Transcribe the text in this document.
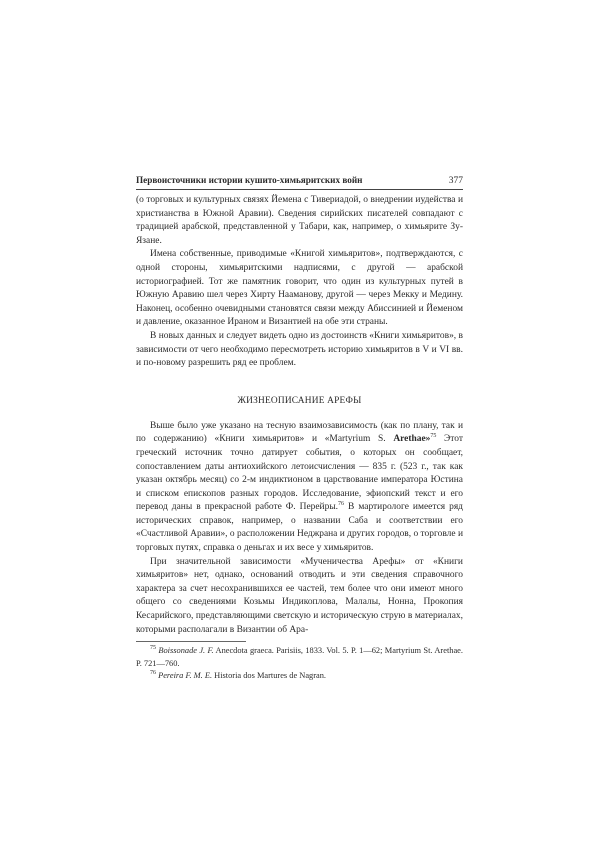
Первоисточники истории кушито-химьяритских войн	377

(о торговых и культурных связях Йемена с Тивериадой, о внедрении иудейства и христианства в Южной Аравии). Сведения сирийских писателей совпадают с традицией арабской, представленной у Табари, как, например, о химьярите Зу-Язане.

Имена собственные, приводимые «Книгой химьяритов», подтверждаются, с одной стороны, химьяритскими надписями, с другой — арабской историографией. Тот же памятник говорит, что один из культурных путей в Южную Аравию шел через Хирту Нааманову, другой — через Мекку и Медину. Наконец, особенно очевидными становятся связи между Абиссинией и Йеменом и давление, оказанное Ираном и Византией на обе эти страны.

В новых данных и следует видеть одно из достоинств «Книги химьяритов», в зависимости от чего необходимо пересмотреть историю химьяритов в V и VI вв. и по-новому разрешить ряд ее проблем.

ЖИЗНЕОПИСАНИЕ АРЕФЫ

Выше было уже указано на тесную взаимозависимость (как по плану, так и по содержанию) «Книги химьяритов» и «Martyrium S. Arethae»$^{75}$ Этот греческий источник точно датирует события, о которых он сообщает, сопоставлением даты антиохийского летоисчисления — 835 г. (523 г., так как указан октябрь месяц) со 2-м индиктионом в царствование императора Юстина и списком епископов разных городов. Исследование, эфиопский текст и его перевод даны в прекрасной работе Ф. Перейры.$^{76}$ В мартирологе имеется ряд исторических справок, например, о названии Саба и соответствии его «Счастливой Аравии», о расположении Неджрана и других городов, о торговле и торговых путях, справка о деньгах и их весе у химьяритов.

При значительной зависимости «Мученичества Арефы» от «Книги химьяритов» нет, однако, оснований отводить и эти сведения справочного характера за счет несохранившихся ее частей, тем более что они имеют много общего со сведениями Козьмы Индикоплова, Малалы, Нонна, Прокопия Кесарийского, представляющими светскую и историческую струю в материалах, которыми располагали в Византии об Ара-

$^{75}$ Boissonade J. F. Anecdota graeca. Parisiis, 1833. Vol. 5. P. 1—62; Martyrium St. Arethae. P. 721—760.

$^{76}$ Pereira F. M. E. Historia dos Martures de Nagran.
